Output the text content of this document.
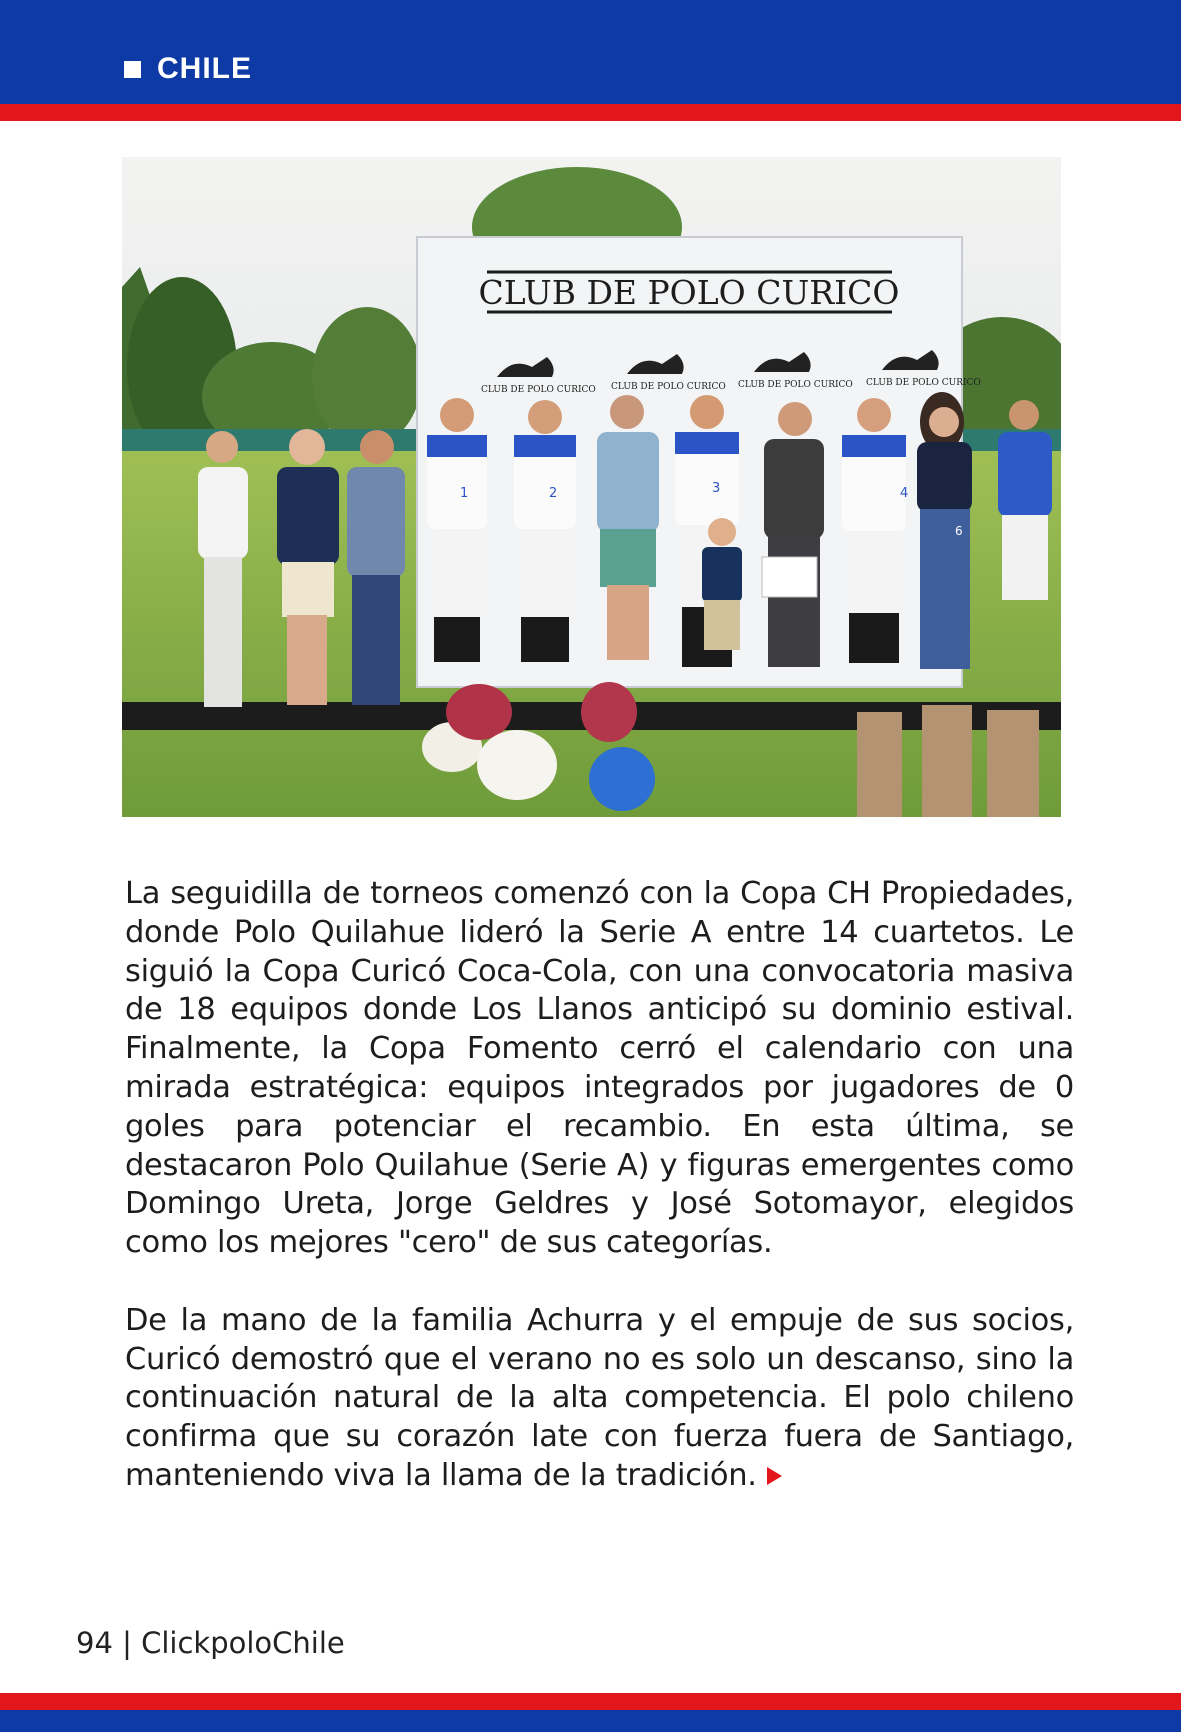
CHILE
CLUB DE POLO CURICO
CLUB DE POLO CURICO CLUB DE POLO CURICO CLUB DE POLO CURICO CLUB DE POLO CURICO
1	2	3	4
6

La seguidilla de torneos comenzó con la Copa CH Propiedades, donde Polo Quilahue lideró la Serie A entre 14 cuartetos. Le siguió la Copa Curicó Coca-Cola, con una convocatoria masiva de 18 equipos donde Los Llanos anticipó su dominio estival. Finalmente, la Copa Fomento cerró el calendario con una mirada estratégica: equipos integrados por jugadores de 0 goles para potenciar el recambio. En esta última, se destacaron Polo Quilahue (Serie A) y figuras emergentes como Domingo Ureta, Jorge Geldres y José Sotomayor, elegidos como los mejores "cero" de sus categorías.

De la mano de la familia Achurra y el empuje de sus socios, Curicó demostró que el verano no es solo un descanso, sino la continuación natural de la alta competencia. El polo chileno confirma que su corazón late con fuerza fuera de Santiago, manteniendo viva la llama de la tradición.

94 | ClickpoloChile
